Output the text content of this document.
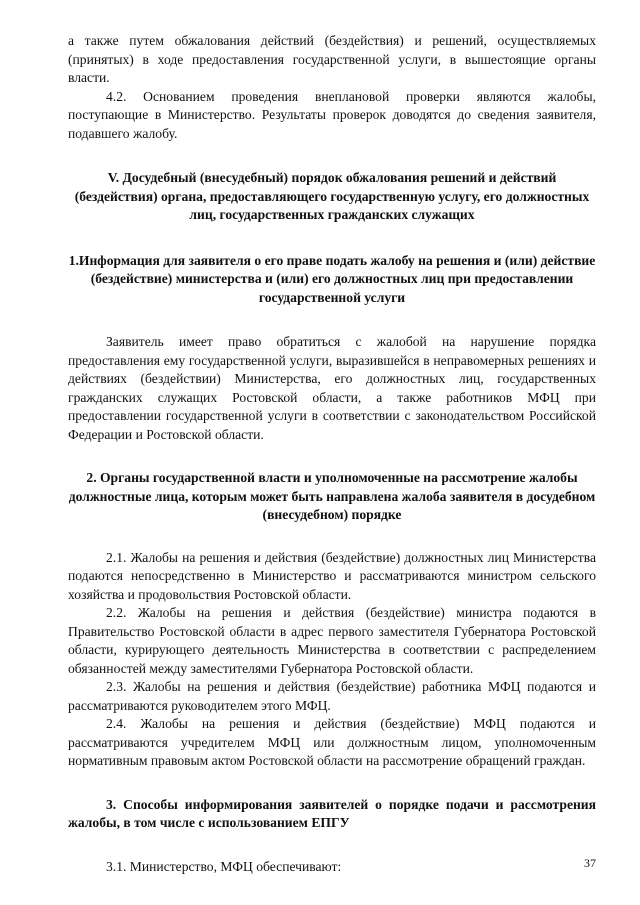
а также путем обжалования действий (бездействия) и решений, осуществляемых (принятых) в ходе предоставления государственной услуги, в вышестоящие органы власти.

4.2. Основанием проведения внеплановой проверки являются жалобы, поступающие в Министерство. Результаты проверок доводятся до сведения заявителя, подавшего жалобу.

V. Досудебный (внесудебный) порядок обжалования решений и действий (бездействия) органа, предоставляющего государственную услугу, его должностных лиц, государственных гражданских служащих
1.Информация для заявителя о его праве подать жалобу на решения и (или) действие (бездействие) министерства и (или) его должностных лиц при предоставлении государственной услуги

Заявитель имеет право обратиться с жалобой на нарушение порядка предоставления ему государственной услуги, выразившейся в неправомерных решениях и действиях (бездействии) Министерства, его должностных лиц, государственных гражданских служащих Ростовской области, а также работников МФЦ при предоставлении государственной услуги в соответствии с законодательством Российской Федерации и Ростовской области.

2. Органы государственной власти и уполномоченные на рассмотрение жалобы должностные лица, которым может быть направлена жалоба заявителя в досудебном (внесудебном) порядке

2.1. Жалобы на решения и действия (бездействие) должностных лиц Министерства подаются непосредственно в Министерство и рассматриваются министром сельского хозяйства и продовольствия Ростовской области.

2.2. Жалобы на решения и действия (бездействие) министра подаются в Правительство Ростовской области в адрес первого заместителя Губернатора Ростовской области, курирующего деятельность Министерства в соответствии с распределением обязанностей между заместителями Губернатора Ростовской области.

2.3. Жалобы на решения и действия (бездействие) работника МФЦ подаются и рассматриваются руководителем этого МФЦ.

2.4. Жалобы на решения и действия (бездействие) МФЦ подаются и рассматриваются учредителем МФЦ или должностным лицом, уполномоченным нормативным правовым актом Ростовской области на рассмотрение обращений граждан.

3. Способы информирования заявителей о порядке подачи и рассмотрения жалобы, в том числе с использованием ЕПГУ

3.1. Министерство, МФЦ обеспечивают:	37
